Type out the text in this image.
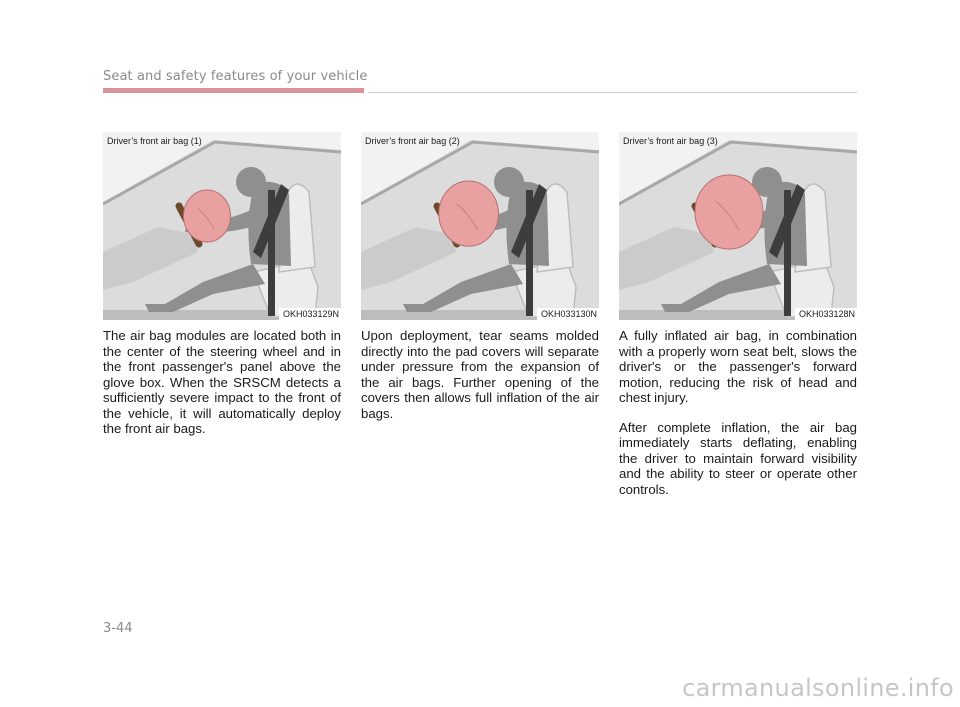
Seat and safety features of your vehicle
Driver’s front air bag (1)
OKH033129N
Driver’s front air bag (2)
OKH033130N
Driver’s front air bag (3)
OKH033128N

The air bag modules are located both in the center of the steering wheel and in the front passenger's panel above the glove box. When the SRSCM detects a sufficiently severe impact to the front of the vehicle, it will automatically deploy the front air bags.

Upon deployment, tear seams molded directly into the pad covers will separate under pressure from the expansion of the air bags. Further opening of the covers then allows full inflation of the air bags.

A fully inflated air bag, in combination with a properly worn seat belt, slows the driver's or the passenger's forward motion, reducing the risk of head and chest injury.

After complete inflation, the air bag immediately starts deflating, enabling the driver to maintain forward visibility and the ability to steer or operate other controls.

3-44
carmanualsonline.info
